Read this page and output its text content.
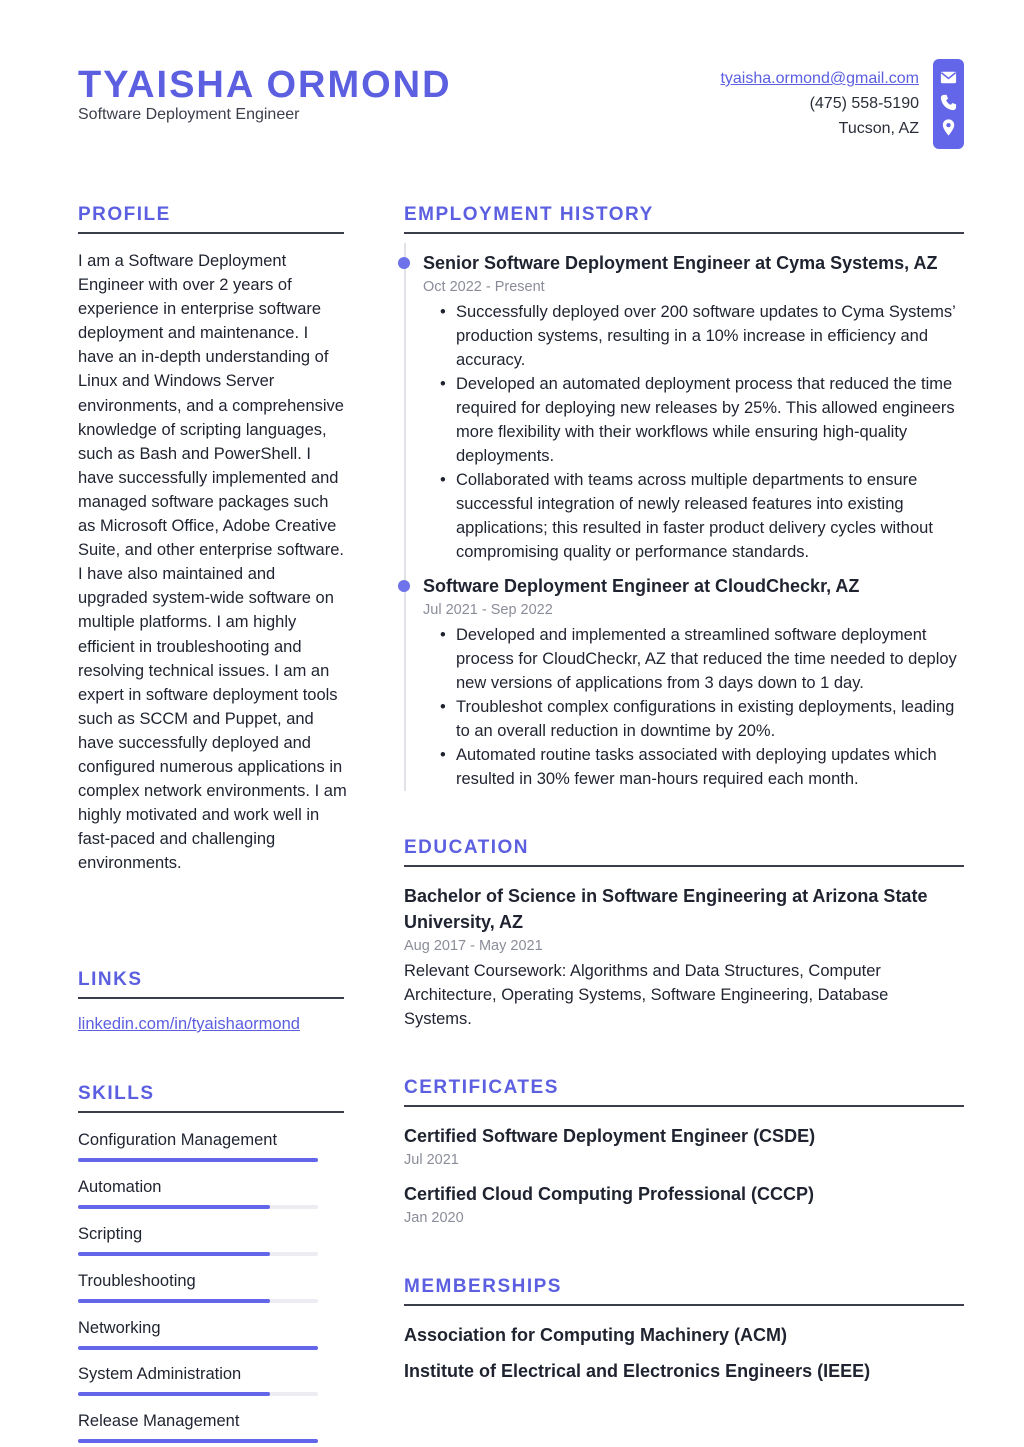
TYAISHA ORMOND
Software Deployment Engineer
tyaisha.ormond@gmail.com
(475) 558-5190
Tucson, AZ
PROFILE
I am a Software Deployment Engineer with over 2 years of experience in enterprise software deployment and maintenance. I have an in-depth understanding of Linux and Windows Server environments, and a comprehensive knowledge of scripting languages, such as Bash and PowerShell. I have successfully implemented and managed software packages such as Microsoft Office, Adobe Creative Suite, and other enterprise software. I have also maintained and upgraded system-wide software on multiple platforms. I am highly efficient in troubleshooting and resolving technical issues. I am an expert in software deployment tools such as SCCM and Puppet, and have successfully deployed and configured numerous applications in complex network environments. I am highly motivated and work well in fast-paced and challenging environments.
LINKS
linkedin.com/in/tyaishaormond
SKILLS
Configuration Management
Automation
Scripting
Troubleshooting
Networking
System Administration
Release Management
EMPLOYMENT HISTORY
Senior Software Deployment Engineer at Cyma Systems, AZ
Oct 2022 - Present
• Successfully deployed over 200 software updates to Cyma Systems’ production systems, resulting in a 10% increase in efficiency and accuracy.
• Developed an automated deployment process that reduced the time required for deploying new releases by 25%. This allowed engineers more flexibility with their workflows while ensuring high-quality deployments.
• Collaborated with teams across multiple departments to ensure successful integration of newly released features into existing applications; this resulted in faster product delivery cycles without compromising quality or performance standards.
Software Deployment Engineer at CloudCheckr, AZ
Jul 2021 - Sep 2022
• Developed and implemented a streamlined software deployment process for CloudCheckr, AZ that reduced the time needed to deploy new versions of applications from 3 days down to 1 day.
• Troubleshot complex configurations in existing deployments, leading to an overall reduction in downtime by 20%.
• Automated routine tasks associated with deploying updates which resulted in 30% fewer man-hours required each month.
EDUCATION
Bachelor of Science in Software Engineering at Arizona State University, AZ
Aug 2017 - May 2021
Relevant Coursework: Algorithms and Data Structures, Computer Architecture, Operating Systems, Software Engineering, Database Systems.
CERTIFICATES
Certified Software Deployment Engineer (CSDE)
Jul 2021
Certified Cloud Computing Professional (CCCP)
Jan 2020
MEMBERSHIPS
Association for Computing Machinery (ACM)
Institute of Electrical and Electronics Engineers (IEEE)
